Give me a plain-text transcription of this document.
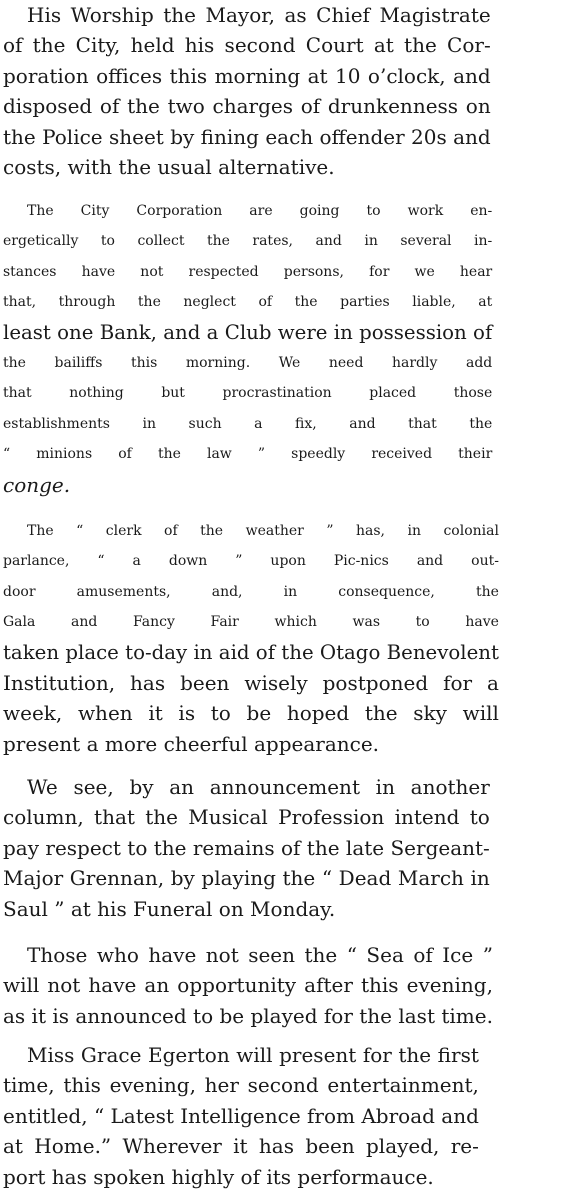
His Worship the Mayor, as Chief Magistrate
of the City, held his second Court at the Cor-
poration offices this morning at 10 o’clock, and
disposed of the two charges of drunkenness on
the Police sheet by fining each offender 20s and
costs, with the usual alternative.
The City Corporation are going to work en-
ergetically to collect the rates, and in several in-
stances have not respected persons, for we hear
that, through the neglect of the parties liable, at
least one Bank, and a Club were in possession of
the bailiffs this morning. We need hardly add
that nothing but procrastination placed those
establishments in such a fix, and that the
“ minions of the law ” speedly received their
conge.
The “ clerk of the weather ” has, in colonial
parlance, “ a down ” upon Pic-nics and out-
door amusements, and, in consequence, the
Gala and Fancy Fair which was to have
taken place to-day in aid of the Otago Benevolent
Institution, has been wisely postponed for a
week, when it is to be hoped the sky will
present a more cheerful appearance.
We see, by an announcement in another
column, that the Musical Profession intend to
pay respect to the remains of the late Sergeant-
Major Grennan, by playing the “ Dead March in
Saul ” at his Funeral on Monday.
Those who have not seen the “ Sea of Ice ”
will not have an opportunity after this evening,
as it is announced to be played for the last time.
Miss Grace Egerton will present for the first
time, this evening, her second entertainment,
entitled, “ Latest Intelligence from Abroad and
at Home.” Wherever it has been played, re-
port has spoken highly of its performauce.
